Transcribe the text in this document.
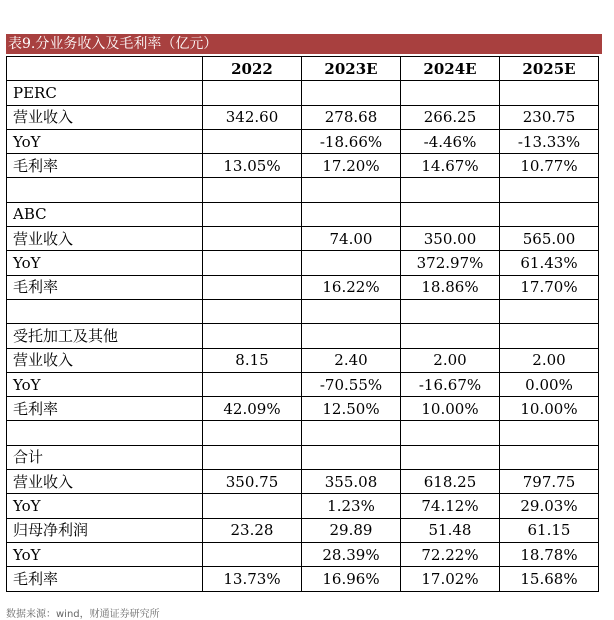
表9.分业务收入及毛利率（亿元）
	2022	2023E	2024E	2025E
PERC				
营业收入	342.60	278.68	266.25	230.75
YoY		-18.66%	-4.46%	-13.33%
毛利率	13.05%	17.20%	14.67%	10.77%

ABC				
营业收入		74.00	350.00	565.00
YoY			372.97%	61.43%
毛利率		16.22%	18.86%	17.70%

受托加工及其他				
营业收入	8.15	2.40	2.00	2.00
YoY		-70.55%	-16.67%	0.00%
毛利率	42.09%	12.50%	10.00%	10.00%

合计				
营业收入	350.75	355.08	618.25	797.75
YoY		1.23%	74.12%	29.03%
归母净利润	23.28	29.89	51.48	61.15
YoY		28.39%	72.22%	18.78%
毛利率	13.73%	16.96%	17.02%	15.68%
数据来源：wind，财通证券研究所
